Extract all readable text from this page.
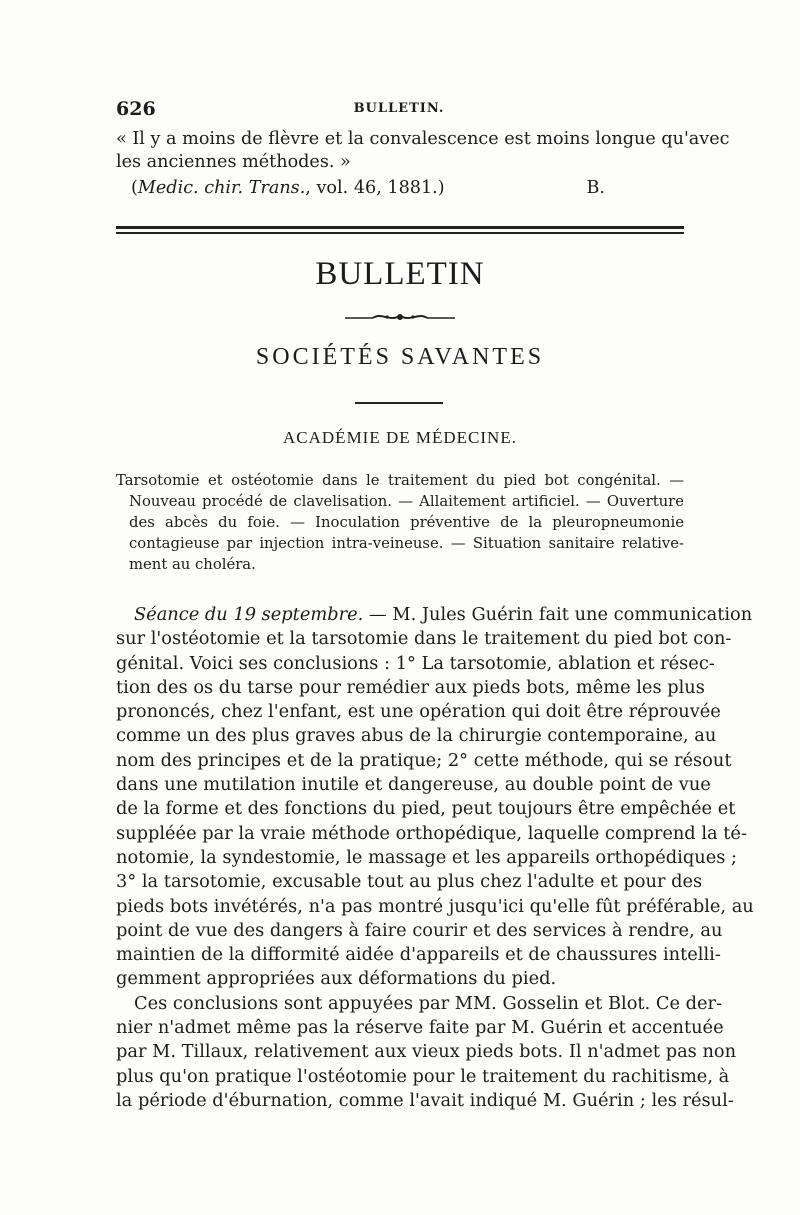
626	BULLETIN.
« Il y a moins de flèvre et la convalescence est moins longue qu'avec
les anciennes méthodes. »
(Medic. chir. Trans., vol. 46, 1881.)	B.
BULLETIN
SOCIÉTÉS SAVANTES
ACADÉMIE DE MÉDECINE.
Tarsotomie et ostéotomie dans le traitement du pied bot congénital. —
Nouveau procédé de clavelisation. — Allaitement artificiel. — Ouverture
des abcès du foie. — Inoculation préventive de la pleuropneumonie
contagieuse par injection intra-veineuse. — Situation sanitaire relative-
ment au choléra.
Séance du 19 septembre. — M. Jules Guérin fait une communication
sur l'ostéotomie et la tarsotomie dans le traitement du pied bot con-
génital. Voici ses conclusions : 1° La tarsotomie, ablation et résec-
tion des os du tarse pour remédier aux pieds bots, même les plus
prononcés, chez l'enfant, est une opération qui doit être réprouvée
comme un des plus graves abus de la chirurgie contemporaine, au
nom des principes et de la pratique; 2° cette méthode, qui se résout
dans une mutilation inutile et dangereuse, au double point de vue
de la forme et des fonctions du pied, peut toujours être empêchée et
suppléée par la vraie méthode orthopédique, laquelle comprend la té-
notomie, la syndestomie, le massage et les appareils orthopédiques ;
3° la tarsotomie, excusable tout au plus chez l'adulte et pour des
pieds bots invétérés, n'a pas montré jusqu'ici qu'elle fût préférable, au
point de vue des dangers à faire courir et des services à rendre, au
maintien de la difformité aidée d'appareils et de chaussures intelli-
gemment appropriées aux déformations du pied.
Ces conclusions sont appuyées par MM. Gosselin et Blot. Ce der-
nier n'admet même pas la réserve faite par M. Guérin et accentuée
par M. Tillaux, relativement aux vieux pieds bots. Il n'admet pas non
plus qu'on pratique l'ostéotomie pour le traitement du rachitisme, à
la période d'éburnation, comme l'avait indiqué M. Guérin ; les résul-
